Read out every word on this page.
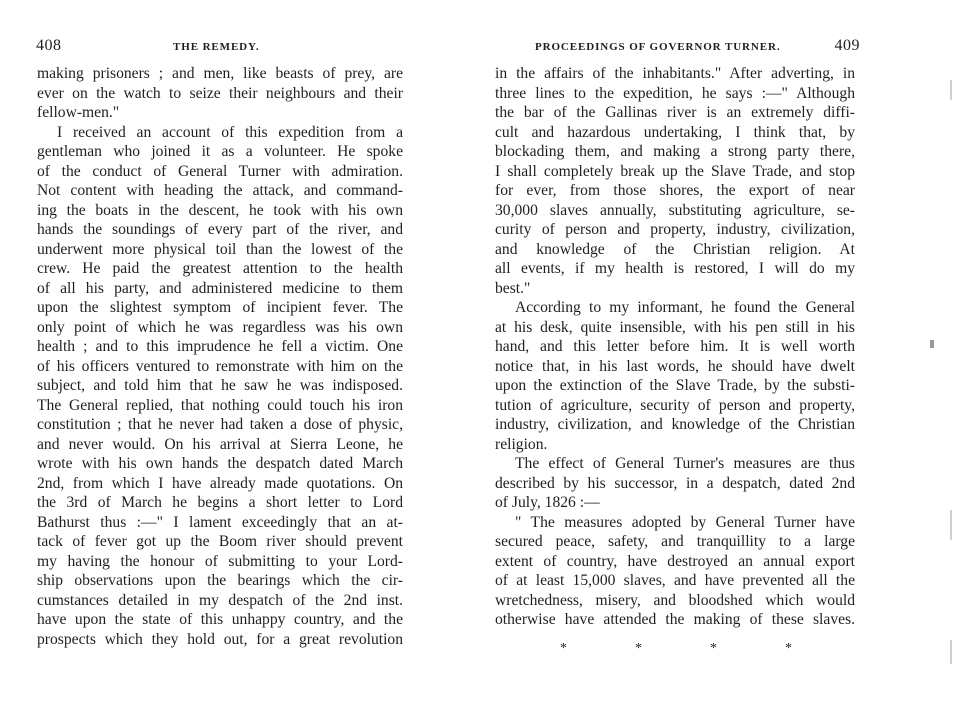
408	THE REMEDY.
making prisoners ; and men, like beasts of prey, are
ever on the watch to seize their neighbours and their
fellow-men."
I received an account of this expedition from a
gentleman who joined it as a volunteer. He spoke
of the conduct of General Turner with admiration.
Not content with heading the attack, and command-
ing the boats in the descent, he took with his own
hands the soundings of every part of the river, and
underwent more physical toil than the lowest of the
crew. He paid the greatest attention to the health
of all his party, and administered medicine to them
upon the slightest symptom of incipient fever. The
only point of which he was regardless was his own
health ; and to this imprudence he fell a victim. One
of his officers ventured to remonstrate with him on the
subject, and told him that he saw he was indisposed.
The General replied, that nothing could touch his iron
constitution ; that he never had taken a dose of physic,
and never would. On his arrival at Sierra Leone, he
wrote with his own hands the despatch dated March
2nd, from which I have already made quotations. On
the 3rd of March he begins a short letter to Lord
Bathurst thus :—" I lament exceedingly that an at-
tack of fever got up the Boom river should prevent
my having the honour of submitting to your Lord-
ship observations upon the bearings which the cir-
cumstances detailed in my despatch of the 2nd inst.
have upon the state of this unhappy country, and the
prospects which they hold out, for a great revolution
PROCEEDINGS OF GOVERNOR TURNER.	409
in the affairs of the inhabitants." After adverting, in
three lines to the expedition, he says :—" Although
the bar of the Gallinas river is an extremely diffi-
cult and hazardous undertaking, I think that, by
blockading them, and making a strong party there,
I shall completely break up the Slave Trade, and stop
for ever, from those shores, the export of near
30,000 slaves annually, substituting agriculture, se-
curity of person and property, industry, civilization,
and knowledge of the Christian religion. At
all events, if my health is restored, I will do my
best."
According to my informant, he found the General
at his desk, quite insensible, with his pen still in his
hand, and this letter before him. It is well worth
notice that, in his last words, he should have dwelt
upon the extinction of the Slave Trade, by the substi-
tution of agriculture, security of person and property,
industry, civilization, and knowledge of the Christian
religion.
The effect of General Turner's measures are thus
described by his successor, in a despatch, dated 2nd
of July, 1826 :—
" The measures adopted by General Turner have
secured peace, safety, and tranquillity to a large
extent of country, have destroyed an annual export
of at least 15,000 slaves, and have prevented all the
wretchedness, misery, and bloodshed which would
otherwise have attended the making of these slaves.
*	*	*	*
